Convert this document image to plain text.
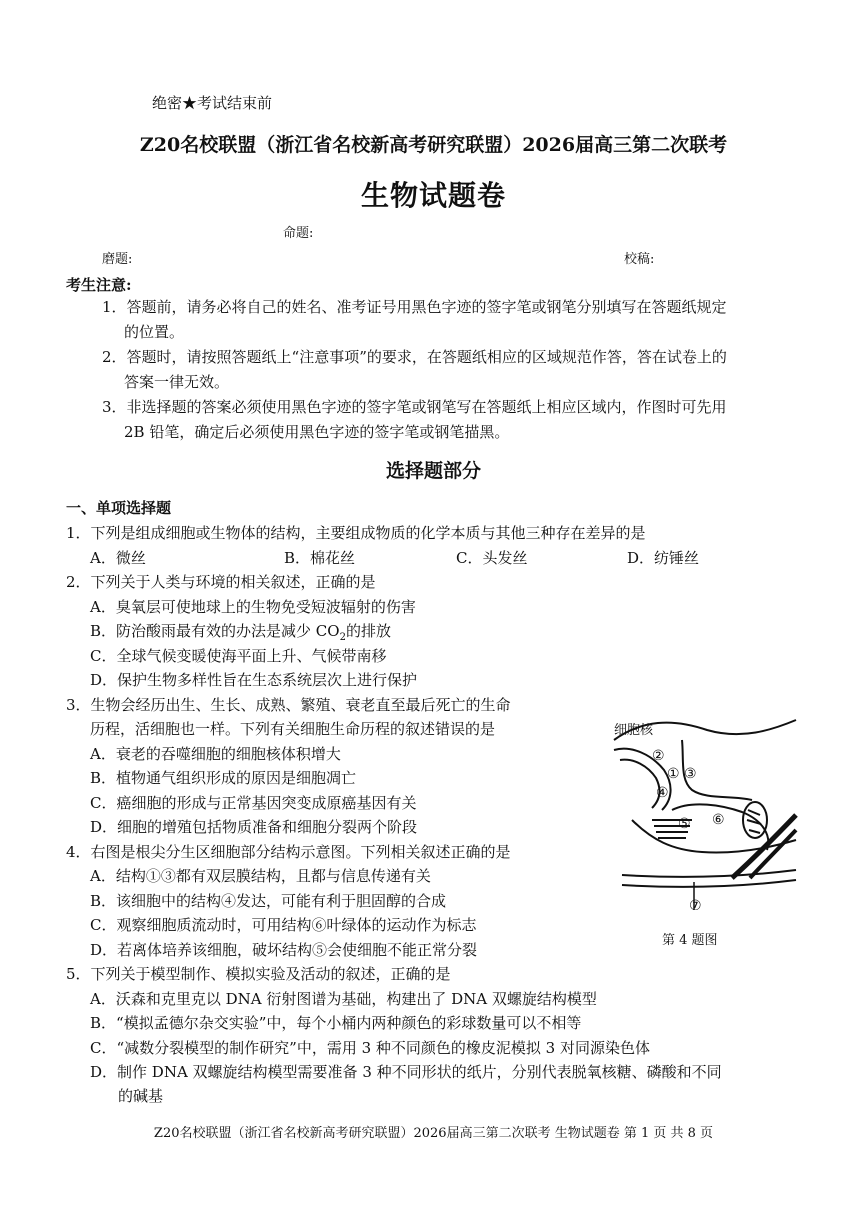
绝密★考试结束前
Z20名校联盟（浙江省名校新高考研究联盟）2026届高三第二次联考
生物试题卷
命题:
磨题:	校稿:
考生注意:
1．答题前，请务必将自己的姓名、准考证号用黑色字迹的签字笔或钢笔分别填写在答题纸规定
的位置。
2．答题时，请按照答题纸上“注意事项”的要求，在答题纸相应的区域规范作答，答在试卷上的
答案一律无效。
3．非选择题的答案必须使用黑色字迹的签字笔或钢笔写在答题纸上相应区域内，作图时可先用
2B 铅笔，确定后必须使用黑色字迹的签字笔或钢笔描黑。
选择题部分
一、单项选择题
1．下列是组成细胞或生物体的结构，主要组成物质的化学本质与其他三种存在差异的是
A．微丝	B．棉花丝	C．头发丝	D．纺锤丝
2．下列关于人类与环境的相关叙述，正确的是
A．臭氧层可使地球上的生物免受短波辐射的伤害
B．防治酸雨最有效的办法是减少 $CO_2$的排放
C．全球气候变暖使海平面上升、气候带南移
D．保护生物多样性旨在生态系统层次上进行保护
3．生物会经历出生、生长、成熟、繁殖、衰老直至最后死亡的生命
历程，活细胞也一样。下列有关细胞生命历程的叙述错误的是
A．衰老的吞噬细胞的细胞核体积增大
B．植物通气组织形成的原因是细胞凋亡
C．癌细胞的形成与正常基因突变成原癌基因有关
D．细胞的增殖包括物质准备和细胞分裂两个阶段
4．右图是根尖分生区细胞部分结构示意图。下列相关叙述正确的是
A．结构①③都有双层膜结构，且都与信息传递有关
B．该细胞中的结构④发达，可能有利于胆固醇的合成
C．观察细胞质流动时，可用结构⑥叶绿体的运动作为标志
D．若离体培养该细胞，破坏结构⑤会使细胞不能正常分裂
细胞核
②
① ③
④
⑤ ⑥
⑦
第 4 题图
5．下列关于模型制作、模拟实验及活动的叙述，正确的是
A．沃森和克里克以 DNA 衍射图谱为基础，构建出了 DNA 双螺旋结构模型
B．“模拟孟德尔杂交实验”中，每个小桶内两种颜色的彩球数量可以不相等
C．“减数分裂模型的制作研究”中，需用 3 种不同颜色的橡皮泥模拟 3 对同源染色体
D．制作 DNA 双螺旋结构模型需要准备 3 种不同形状的纸片，分别代表脱氧核糖、磷酸和不同
的碱基
Z20名校联盟（浙江省名校新高考研究联盟）2026届高三第二次联考 生物试题卷 第 1 页 共 8 页
